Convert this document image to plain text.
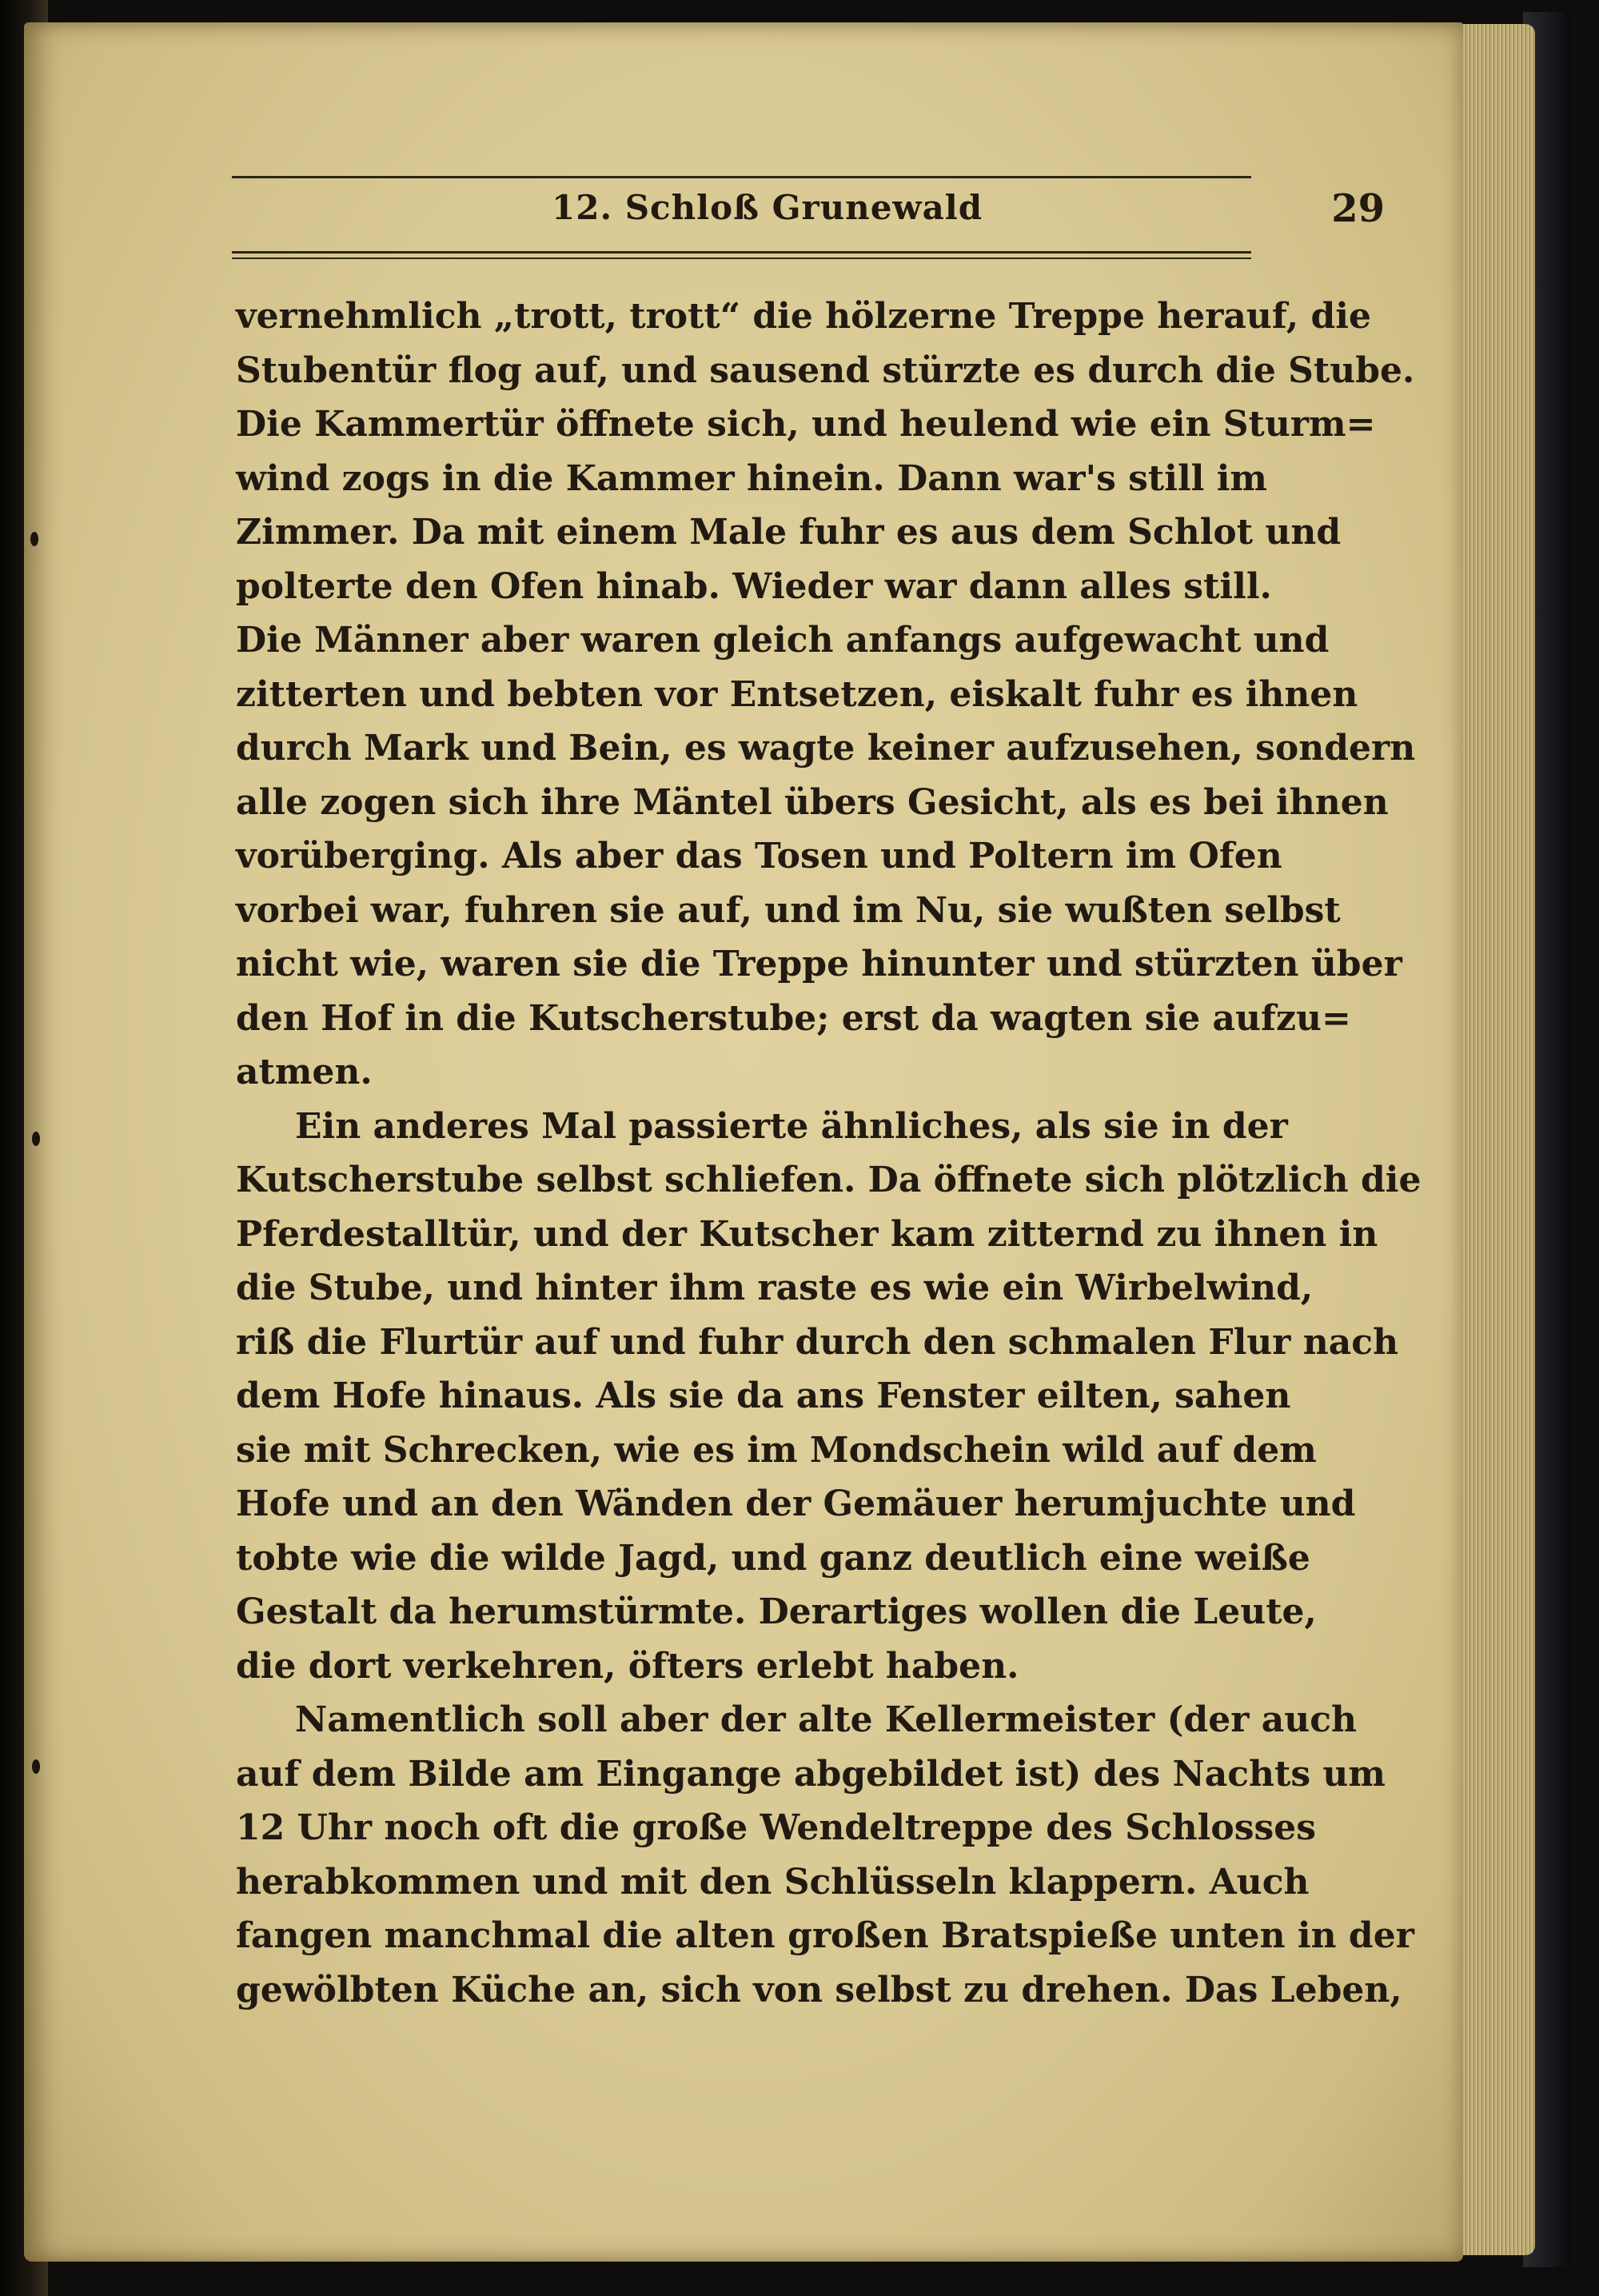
12. Schloß Grunewald	29
vernehmlich „trott, trott“ die hölzerne Treppe herauf, die
Stubentür flog auf, und sausend stürzte es durch die Stube.
Die Kammertür öffnete sich, und heulend wie ein Sturm=
wind zogs in die Kammer hinein. Dann war's still im
Zimmer. Da mit einem Male fuhr es aus dem Schlot und
polterte den Ofen hinab. Wieder war dann alles still.
Die Männer aber waren gleich anfangs aufgewacht und
zitterten und bebten vor Entsetzen, eiskalt fuhr es ihnen
durch Mark und Bein, es wagte keiner aufzusehen, sondern
alle zogen sich ihre Mäntel übers Gesicht, als es bei ihnen
vorüberging. Als aber das Tosen und Poltern im Ofen
vorbei war, fuhren sie auf, und im Nu, sie wußten selbst
nicht wie, waren sie die Treppe hinunter und stürzten über
den Hof in die Kutscherstube; erst da wagten sie aufzu=
atmen.
Ein anderes Mal passierte ähnliches, als sie in der
Kutscherstube selbst schliefen. Da öffnete sich plötzlich die
Pferdestalltür, und der Kutscher kam zitternd zu ihnen in
die Stube, und hinter ihm raste es wie ein Wirbelwind,
riß die Flurtür auf und fuhr durch den schmalen Flur nach
dem Hofe hinaus. Als sie da ans Fenster eilten, sahen
sie mit Schrecken, wie es im Mondschein wild auf dem
Hofe und an den Wänden der Gemäuer herumjuchte und
tobte wie die wilde Jagd, und ganz deutlich eine weiße
Gestalt da herumstürmte. Derartiges wollen die Leute,
die dort verkehren, öfters erlebt haben.
Namentlich soll aber der alte Kellermeister (der auch
auf dem Bilde am Eingange abgebildet ist) des Nachts um
12 Uhr noch oft die große Wendeltreppe des Schlosses
herabkommen und mit den Schlüsseln klappern. Auch
fangen manchmal die alten großen Bratspieße unten in der
gewölbten Küche an, sich von selbst zu drehen. Das Leben,
